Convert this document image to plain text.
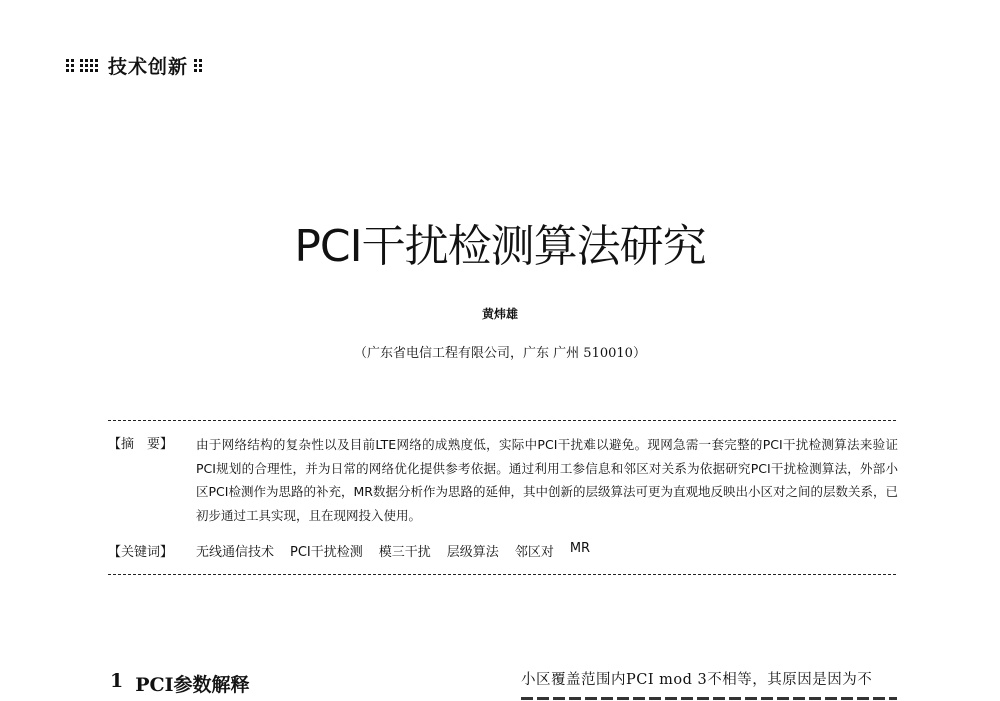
技术创新
PCI干扰检测算法研究
黄炜雄
（广东省电信工程有限公司，广东 广州 510010）
【摘　要】 由于网络结构的复杂性以及目前LTE网络的成熟度低，实际中PCI干扰难以避免。现网急需一套完整的PCI干扰检测算法来验证PCI规划的合理性，并为日常的网络优化提供参考依据。通过利用工参信息和邻区对关系为依据研究PCI干扰检测算法，外部小区PCI检测作为思路的补充，MR数据分析作为思路的延伸，其中创新的层级算法可更为直观地反映出小区对之间的层数关系，已初步通过工具实现，且在现网投入使用。
【关键词】 无线通信技术 PCI干扰检测 模三干扰 层级算法 邻区对 MR
1 PCI参数解释	小区覆盖范围内PCI mod 3不相等，其原因是因为不
